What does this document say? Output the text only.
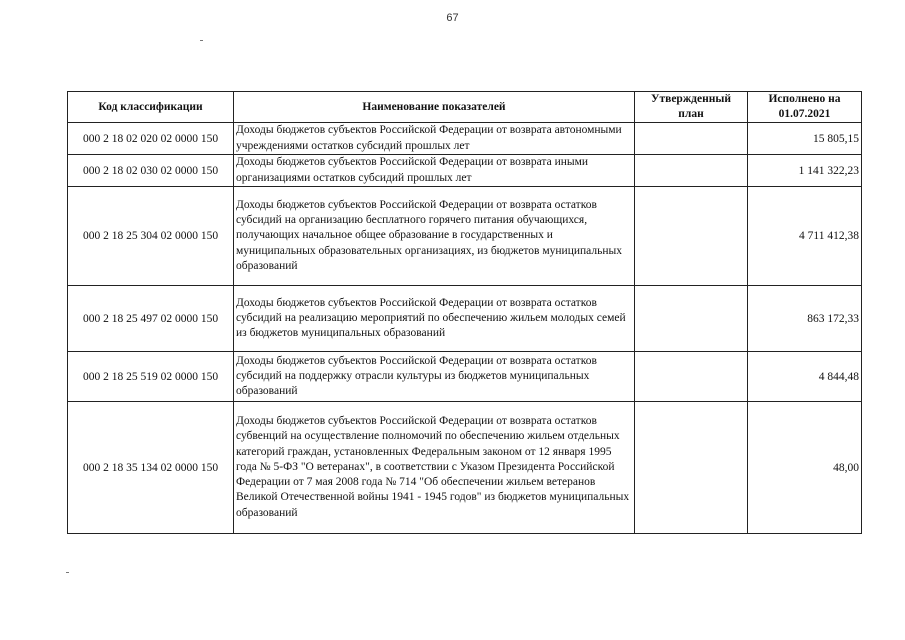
67
Код классификации	Наименование показателей	Утвержденный план	Исполнено на 01.07.2021
000 2 18 02 020 02 0000 150	Доходы бюджетов субъектов Российской Федерации от возврата автономными учреждениями остатков субсидий прошлых лет		15 805,15
000 2 18 02 030 02 0000 150	Доходы бюджетов субъектов Российской Федерации от возврата иными организациями остатков субсидий прошлых лет		1 141 322,23
000 2 18 25 304 02 0000 150	Доходы бюджетов субъектов Российской Федерации от возврата остатков субсидий на организацию бесплатного горячего питания обучающихся, получающих начальное общее образование в государственных и муниципальных образовательных организациях, из бюджетов муниципальных образований		4 711 412,38
000 2 18 25 497 02 0000 150	Доходы бюджетов субъектов Российской Федерации от возврата остатков субсидий на реализацию мероприятий по обеспечению жильем молодых семей из бюджетов муниципальных образований		863 172,33
000 2 18 25 519 02 0000 150	Доходы бюджетов субъектов Российской Федерации от возврата остатков субсидий на поддержку отрасли культуры из бюджетов муниципальных образований		4 844,48
000 2 18 35 134 02 0000 150	Доходы бюджетов субъектов Российской Федерации от возврата остатков субвенций на осуществление полномочий по обеспечению жильем отдельных категорий граждан, установленных Федеральным законом от 12 января 1995 года № 5-ФЗ "О ветеранах", в соответствии с Указом Президента Российской Федерации от 7 мая 2008 года № 714 "Об обеспечении жильем ветеранов Великой Отечественной войны 1941 - 1945 годов" из бюджетов муниципальных образований		48,00
